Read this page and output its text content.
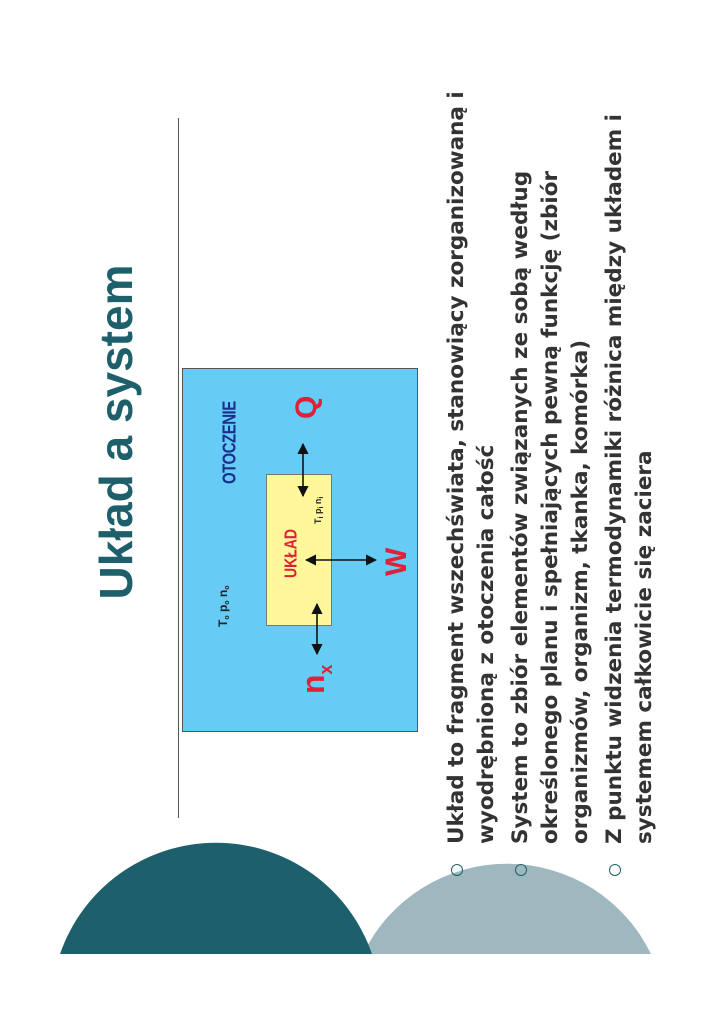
Układ a system	OTOCZENIE
UKŁAD
$T_o$ $p_o$ $n_o$
$T_i$ $p_i$ $n_i$
Q
W
$n_x$	Układ to fragment wszechświata, stanowiący zorganizowaną i wyodrębnioną z otoczenia całość System to zbiór elementów związanych ze sobą według określonego planu i spełniających pewną funkcję (zbiór organizmów, organizm, tkanka, komórka) Z punktu widzenia termodynamiki różnica między układem i systemem całkowicie się zaciera
